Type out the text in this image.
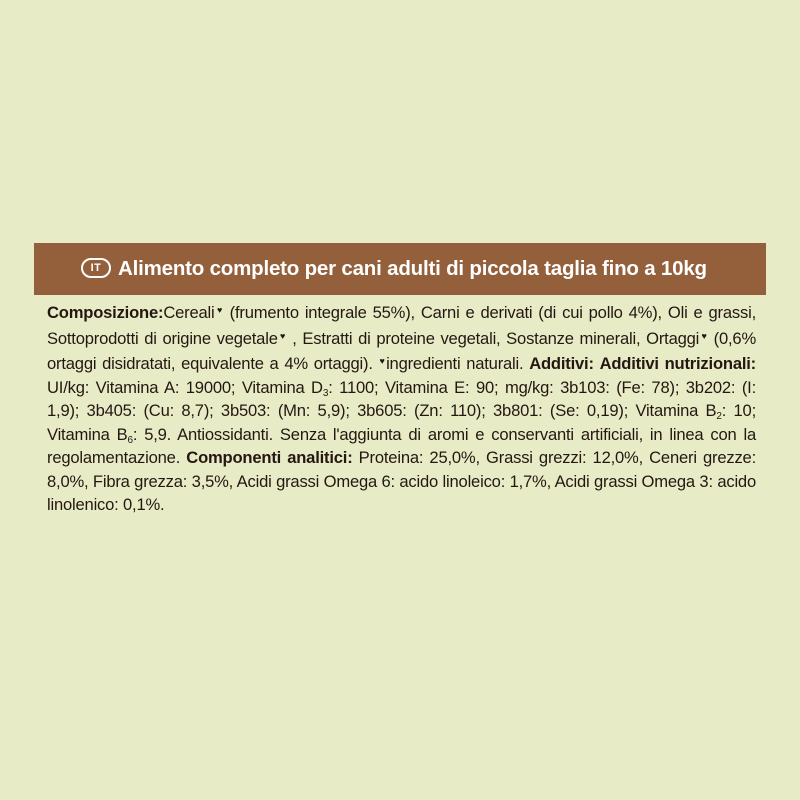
IT Alimento completo per cani adulti di piccola taglia fino a 10kg
Composizione:Cereali♥ (frumento integrale 55%), Carni e derivati (di cui pollo 4%), Oli e grassi, Sottoprodotti di origine vegetale♥ , Estratti di proteine vegetali, Sostanze minerali, Ortaggi♥ (0,6% ortaggi disidratati, equivalente a 4% ortaggi). ♥ingredienti naturali. Additivi: Additivi nutrizionali: UI/kg: Vitamina A: 19000; Vitamina $D_3$: 1100; Vitamina E: 90; mg/kg: 3b103: (Fe: 78); 3b202: (I: 1,9); 3b405: (Cu: 8,7); 3b503: (Mn: 5,9); 3b605: (Zn: 110); 3b801: (Se: 0,19); Vitamina $B_2$: 10; Vitamina $B_6$: 5,9. Antiossidanti. Senza l'aggiunta di aromi e conservanti artificiali, in linea con la regolamentazione. Componenti analitici: Proteina: 25,0%, Grassi grezzi: 12,0%, Ceneri grezze: 8,0%, Fibra grezza: 3,5%, Acidi grassi Omega 6: acido linoleico: 1,7%, Acidi grassi Omega 3: acido linolenico: 0,1%.
